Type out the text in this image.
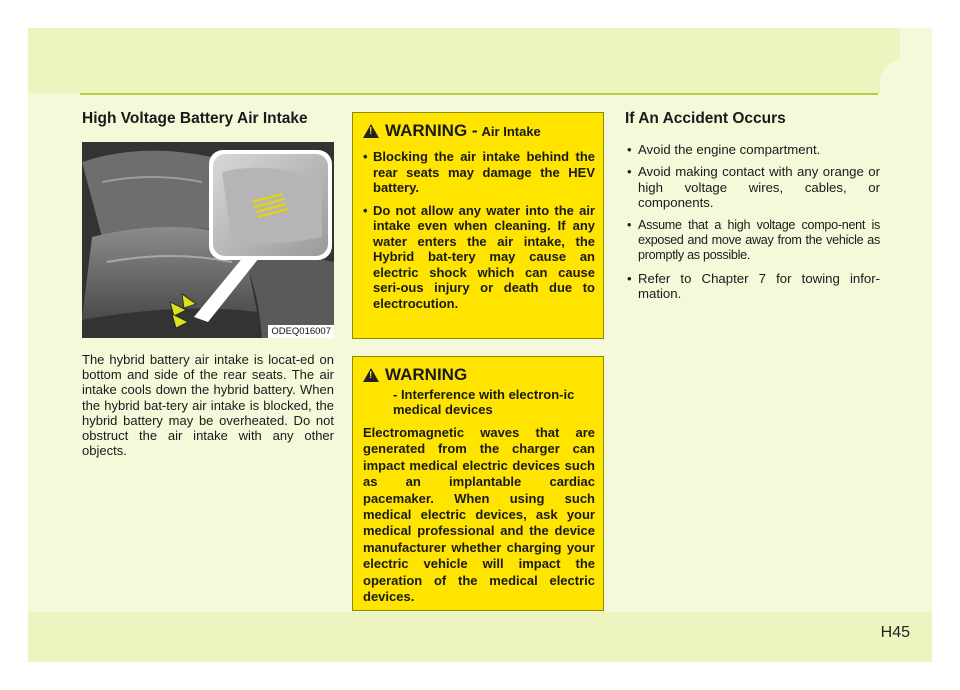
H45
High Voltage Battery Air Intake
ODEQ016007
The hybrid battery air intake is locat-ed on bottom and side of the rear seats. The air intake cools down the hybrid battery. When the hybrid bat-tery air intake is blocked, the hybrid battery may be overheated. Do not obstruct the air intake with any other objects.
!
WARNING - Air Intake
• Blocking the air intake behind the rear seats may damage the HEV battery.
• Do not allow any water into the air intake even when cleaning. If any water enters the air intake, the Hybrid bat-tery may cause an electric shock which can cause seri-ous injury or death due to electrocution.
!
WARNING
- Interference with electron-ic medical devices
Electromagnetic waves that are generated from the charger can impact medical electric devices such as an implantable cardiac pacemaker. When using such medical electric devices, ask your medical professional and the device manufacturer whether charging your electric vehicle will impact the operation of the medical electric devices.
If An Accident Occurs
• Avoid the engine compartment.
• Avoid making contact with any orange or high voltage wires, cables, or components.
• Assume that a high voltage compo-nent is exposed and move away from the vehicle as promptly as possible.
• Refer to Chapter 7 for towing infor-mation.
